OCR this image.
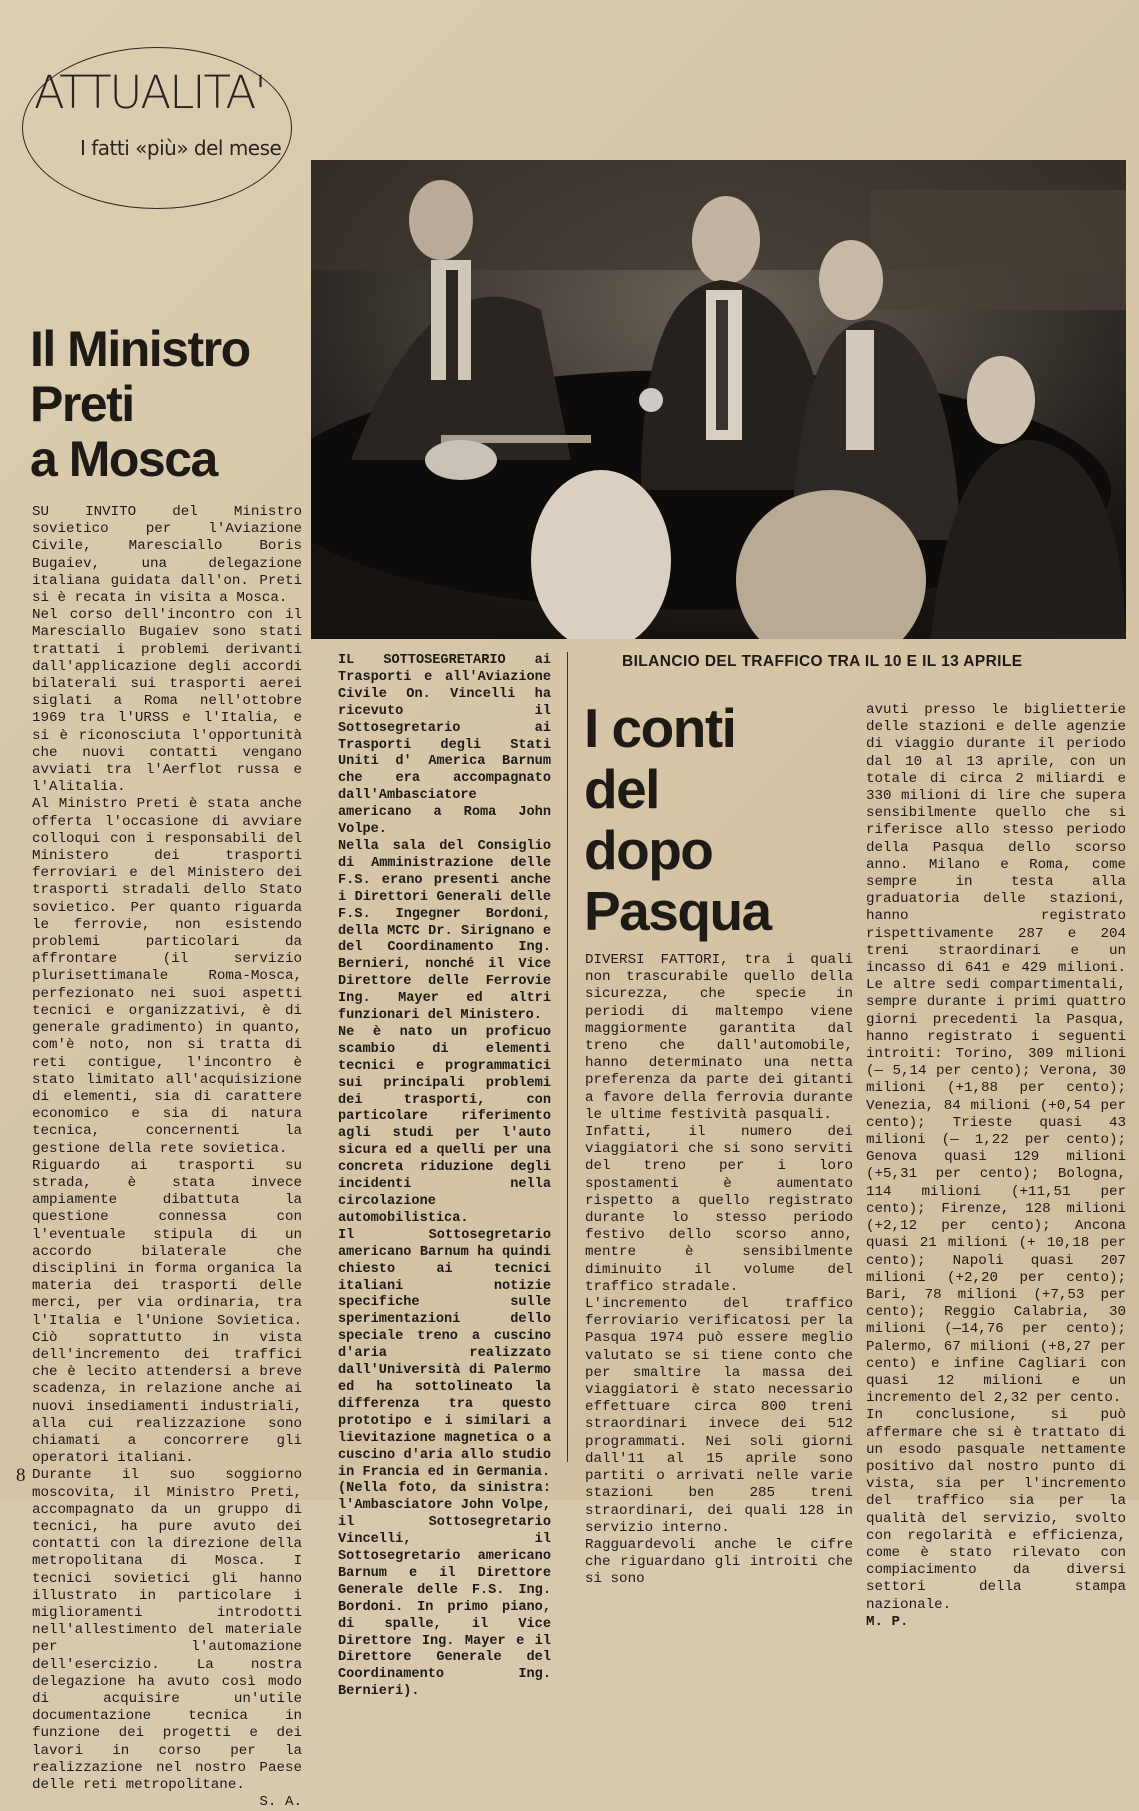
ATTUALITA'
I fatti «più» del mese
Il Ministro
Preti
a Mosca

SU INVITO del Ministro sovietico per l'Aviazione Civile, Maresciallo Boris Bugaiev, una delegazione italiana guidata dall'on. Preti si è recata in visita a Mosca.

Nel corso dell'incontro con il Maresciallo Bugaiev sono stati trattati i problemi derivanti dall'applicazione degli accordi bilaterali sui trasporti aerei siglati a Roma nell'ottobre 1969 tra l'URSS e l'Italia, e si è riconosciuta l'opportunità che nuovi contatti vengano avviati tra l'Aerflot russa e l'Alitalia.

Al Ministro Preti è stata anche offerta l'occasione di avviare colloqui con i responsabili del Ministero dei trasporti ferroviari e del Ministero dei trasporti stradali dello Stato sovietico. Per quanto riguarda le ferrovie, non esistendo problemi particolari da affrontare (il servizio plurisettimanale Roma-Mosca, perfezionato nei suoi aspetti tecnici e organizzativi, è di generale gradimento) in quanto, com'è noto, non si tratta di reti contigue, l'incontro è stato limitato all'acquisizione di elementi, sia di carattere economico e sia di natura tecnica, concernenti la gestione della rete sovietica.

Riguardo ai trasporti su strada, è stata invece ampiamente dibattuta la questione connessa con l'eventuale stipula di un accordo bilaterale che disciplini in forma organica la materia dei trasporti delle merci, per via ordinaria, tra l'Italia e l'Unione Sovietica. Ciò soprattutto in vista dell'incremento dei traffici che è lecito attendersi a breve scadenza, in relazione anche ai nuovi insediamenti industriali, alla cui realizzazione sono chiamati a concorrere gli operatori italiani.

Durante il suo soggiorno moscovita, il Ministro Preti, accompagnato da un gruppo di tecnici, ha pure avuto dei contatti con la direzione della metropolitana di Mosca. I tecnici sovietici gli hanno illustrato in particolare i miglioramenti introdotti nell'allestimento del materiale per l'automazione dell'esercizio. La nostra delegazione ha avuto così modo di acquisire un'utile documentazione tecnica in funzione dei progetti e dei lavori in corso per la realizzazione nel nostro Paese delle reti metropolitane.

S. A.

IL SOTTOSEGRETARIO ai Trasporti e all'Aviazione Civile On. Vincelli ha ricevuto il Sottosegretario ai Trasporti degli Stati Uniti d' America Barnum che era accompagnato dall'Ambasciatore americano a Roma John Volpe.

Nella sala del Consiglio di Amministrazione delle F.S. erano presenti anche i Direttori Generali delle F.S. Ingegner Bordoni, della MCTC Dr. Sirignano e del Coordinamento Ing. Bernieri, nonché il Vice Direttore delle Ferrovie Ing. Mayer ed altri funzionari del Ministero.

Ne è nato un proficuo scambio di elementi tecnici e programmatici sui principali problemi dei trasporti, con particolare riferimento agli studi per l'auto sicura ed a quelli per una concreta riduzione degli incidenti nella circolazione automobilistica.

Il Sottosegretario americano Barnum ha quindi chiesto ai tecnici italiani notizie specifiche sulle sperimentazioni dello speciale treno a cuscino d'aria realizzato dall'Università di Palermo ed ha sottolineato la differenza tra questo prototipo e i similari a lievitazione magnetica o a cuscino d'aria allo studio in Francia ed in Germania.

(Nella foto, da sinistra: l'Ambasciatore John Volpe, il Sottosegretario Vincelli, il Sottosegretario americano Barnum e il Direttore Generale delle F.S. Ing. Bordoni. In primo piano, di spalle, il Vice Direttore Ing. Mayer e il Direttore Generale del Coordinamento Ing. Bernieri).

BILANCIO DEL TRAFFICO TRA IL 10 E IL 13 APRILE
I conti
del
dopo
Pasqua

DIVERSI FATTORI, tra i quali non trascurabile quello della sicurezza, che specie in periodi di maltempo viene maggiormente garantita dal treno che dall'automobile, hanno determinato una netta preferenza da parte dei gitanti a favore della ferrovia durante le ultime festività pasquali.

Infatti, il numero dei viaggiatori che si sono serviti del treno per i loro spostamenti è aumentato rispetto a quello registrato durante lo stesso periodo festivo dello scorso anno, mentre è sensibilmente diminuito il volume del traffico stradale.

L'incremento del traffico ferroviario verificatosi per la Pasqua 1974 può essere meglio valutato se si tiene conto che per smaltire la massa dei viaggiatori è stato necessario effettuare circa 800 treni straordinari invece dei 512 programmati. Nei soli giorni dall'11 al 15 aprile sono partiti o arrivati nelle varie stazioni ben 285 treni straordinari, dei quali 128 in servizio interno.

Ragguardevoli anche le cifre che riguardano gli introiti che si sono

avuti presso le biglietterie delle stazioni e delle agenzie di viaggio durante il periodo dal 10 al 13 aprile, con un totale di circa 2 miliardi e 330 milioni di lire che supera sensibilmente quello che si riferisce allo stesso periodo della Pasqua dello scorso anno. Milano e Roma, come sempre in testa alla graduatoria delle stazioni, hanno registrato rispettivamente 287 e 204 treni straordinari e un incasso di 641 e 429 milioni. Le altre sedi compartimentali, sempre durante i primi quattro giorni precedenti la Pasqua, hanno registrato i seguenti introiti: Torino, 309 milioni (— 5,14 per cento); Verona, 30 milioni (+1,88 per cento); Venezia, 84 milioni (+0,54 per cento); Trieste quasi 43 milioni (— 1,22 per cento); Genova quasi 129 milioni (+5,31 per cento); Bologna, 114 milioni (+11,51 per cento); Firenze, 128 milioni (+2,12 per cento); Ancona quasi 21 milioni (+ 10,18 per cento); Napoli quasi 207 milioni (+2,20 per cento); Bari, 78 milioni (+7,53 per cento); Reggio Calabria, 30 milioni (—14,76 per cento); Palermo, 67 milioni (+8,27 per cento) e infine Cagliari con quasi 12 milioni e un incremento del 2,32 per cento.

In conclusione, si può affermare che si è trattato di un esodo pasquale nettamente positivo dal nostro punto di vista, sia per l'incremento del traffico sia per la qualità del servizio, svolto con regolarità e efficienza, come è stato rilevato con compiacimento da diversi settori della stampa nazionale.

M. P.

8
